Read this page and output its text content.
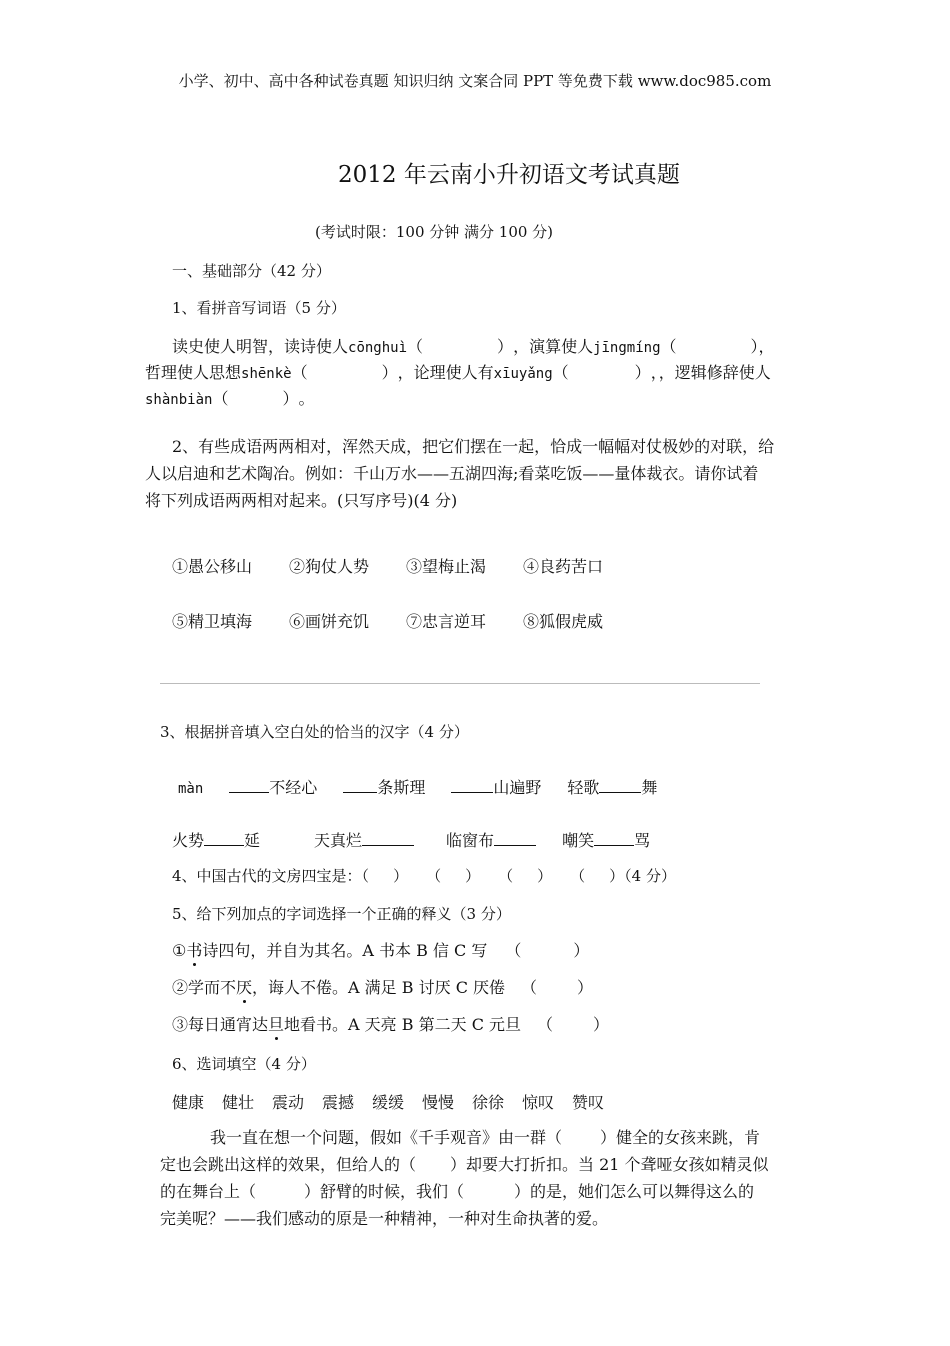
小学、初中、高中各种试卷真题 知识归纳 文案合同 PPT 等免费下载 www.doc985.com
2012 年云南小升初语文考试真题
(考试时限：100 分钟 满分 100 分)
一、基础部分（42 分）
1、看拼音写词语（5 分）
读史使人明智，读诗使人cōnghuì（	），演算使人jīngmíng（	），
哲理使人思想shēnkè（	），论理使人有xīuyǎng（	），，逻辑修辞使人
shànbiàn（	）。
2、有些成语两两相对，浑然天成，把它们摆在一起，恰成一幅幅对仗极妙的对联，给
人以启迪和艺术陶冶。例如：千山万水——五湖四海;看菜吃饭——量体裁衣。请你试着
将下列成语两两相对起来。(只写序号)(4 分)
①愚公移山 ②狗仗人势 ③望梅止渴 ④良药苦口
⑤精卫填海 ⑥画饼充饥 ⑦忠言逆耳 ⑧狐假虎威
3、根据拼音填入空白处的恰当的汉字（4 分）
màn	不经心	条斯理	山遍野 轻歌	舞
火势	延	天真烂	临窗布	嘲笑	骂
4、中国古代的文房四宝是：（ ） （ ） （ ） （ ）（4 分）
5、给下列加点的字词选择一个正确的释义（3 分）
①书诗四句，并自为其名。A 书本 B 信 C 写 （	）
②学而不厌，诲人不倦。A 满足 B 讨厌 C 厌倦 （	）
③每日通宵达旦地看书。A 天亮 B 第二天 C 元旦 （	）
6、选词填空（4 分）
健康 健壮 震动 震撼 缓缓 慢慢 徐徐 惊叹 赞叹
我一直在想一个问题，假如《千手观音》由一群（ ）健全的女孩来跳，肯
定也会跳出这样的效果，但给人的（ ）却要大打折扣。当 21 个聋哑女孩如精灵似
的在舞台上（	）舒臂的时候，我们（	）的是，她们怎么可以舞得这么的
完美呢？——我们感动的原是一种精神，一种对生命执著的爱。
